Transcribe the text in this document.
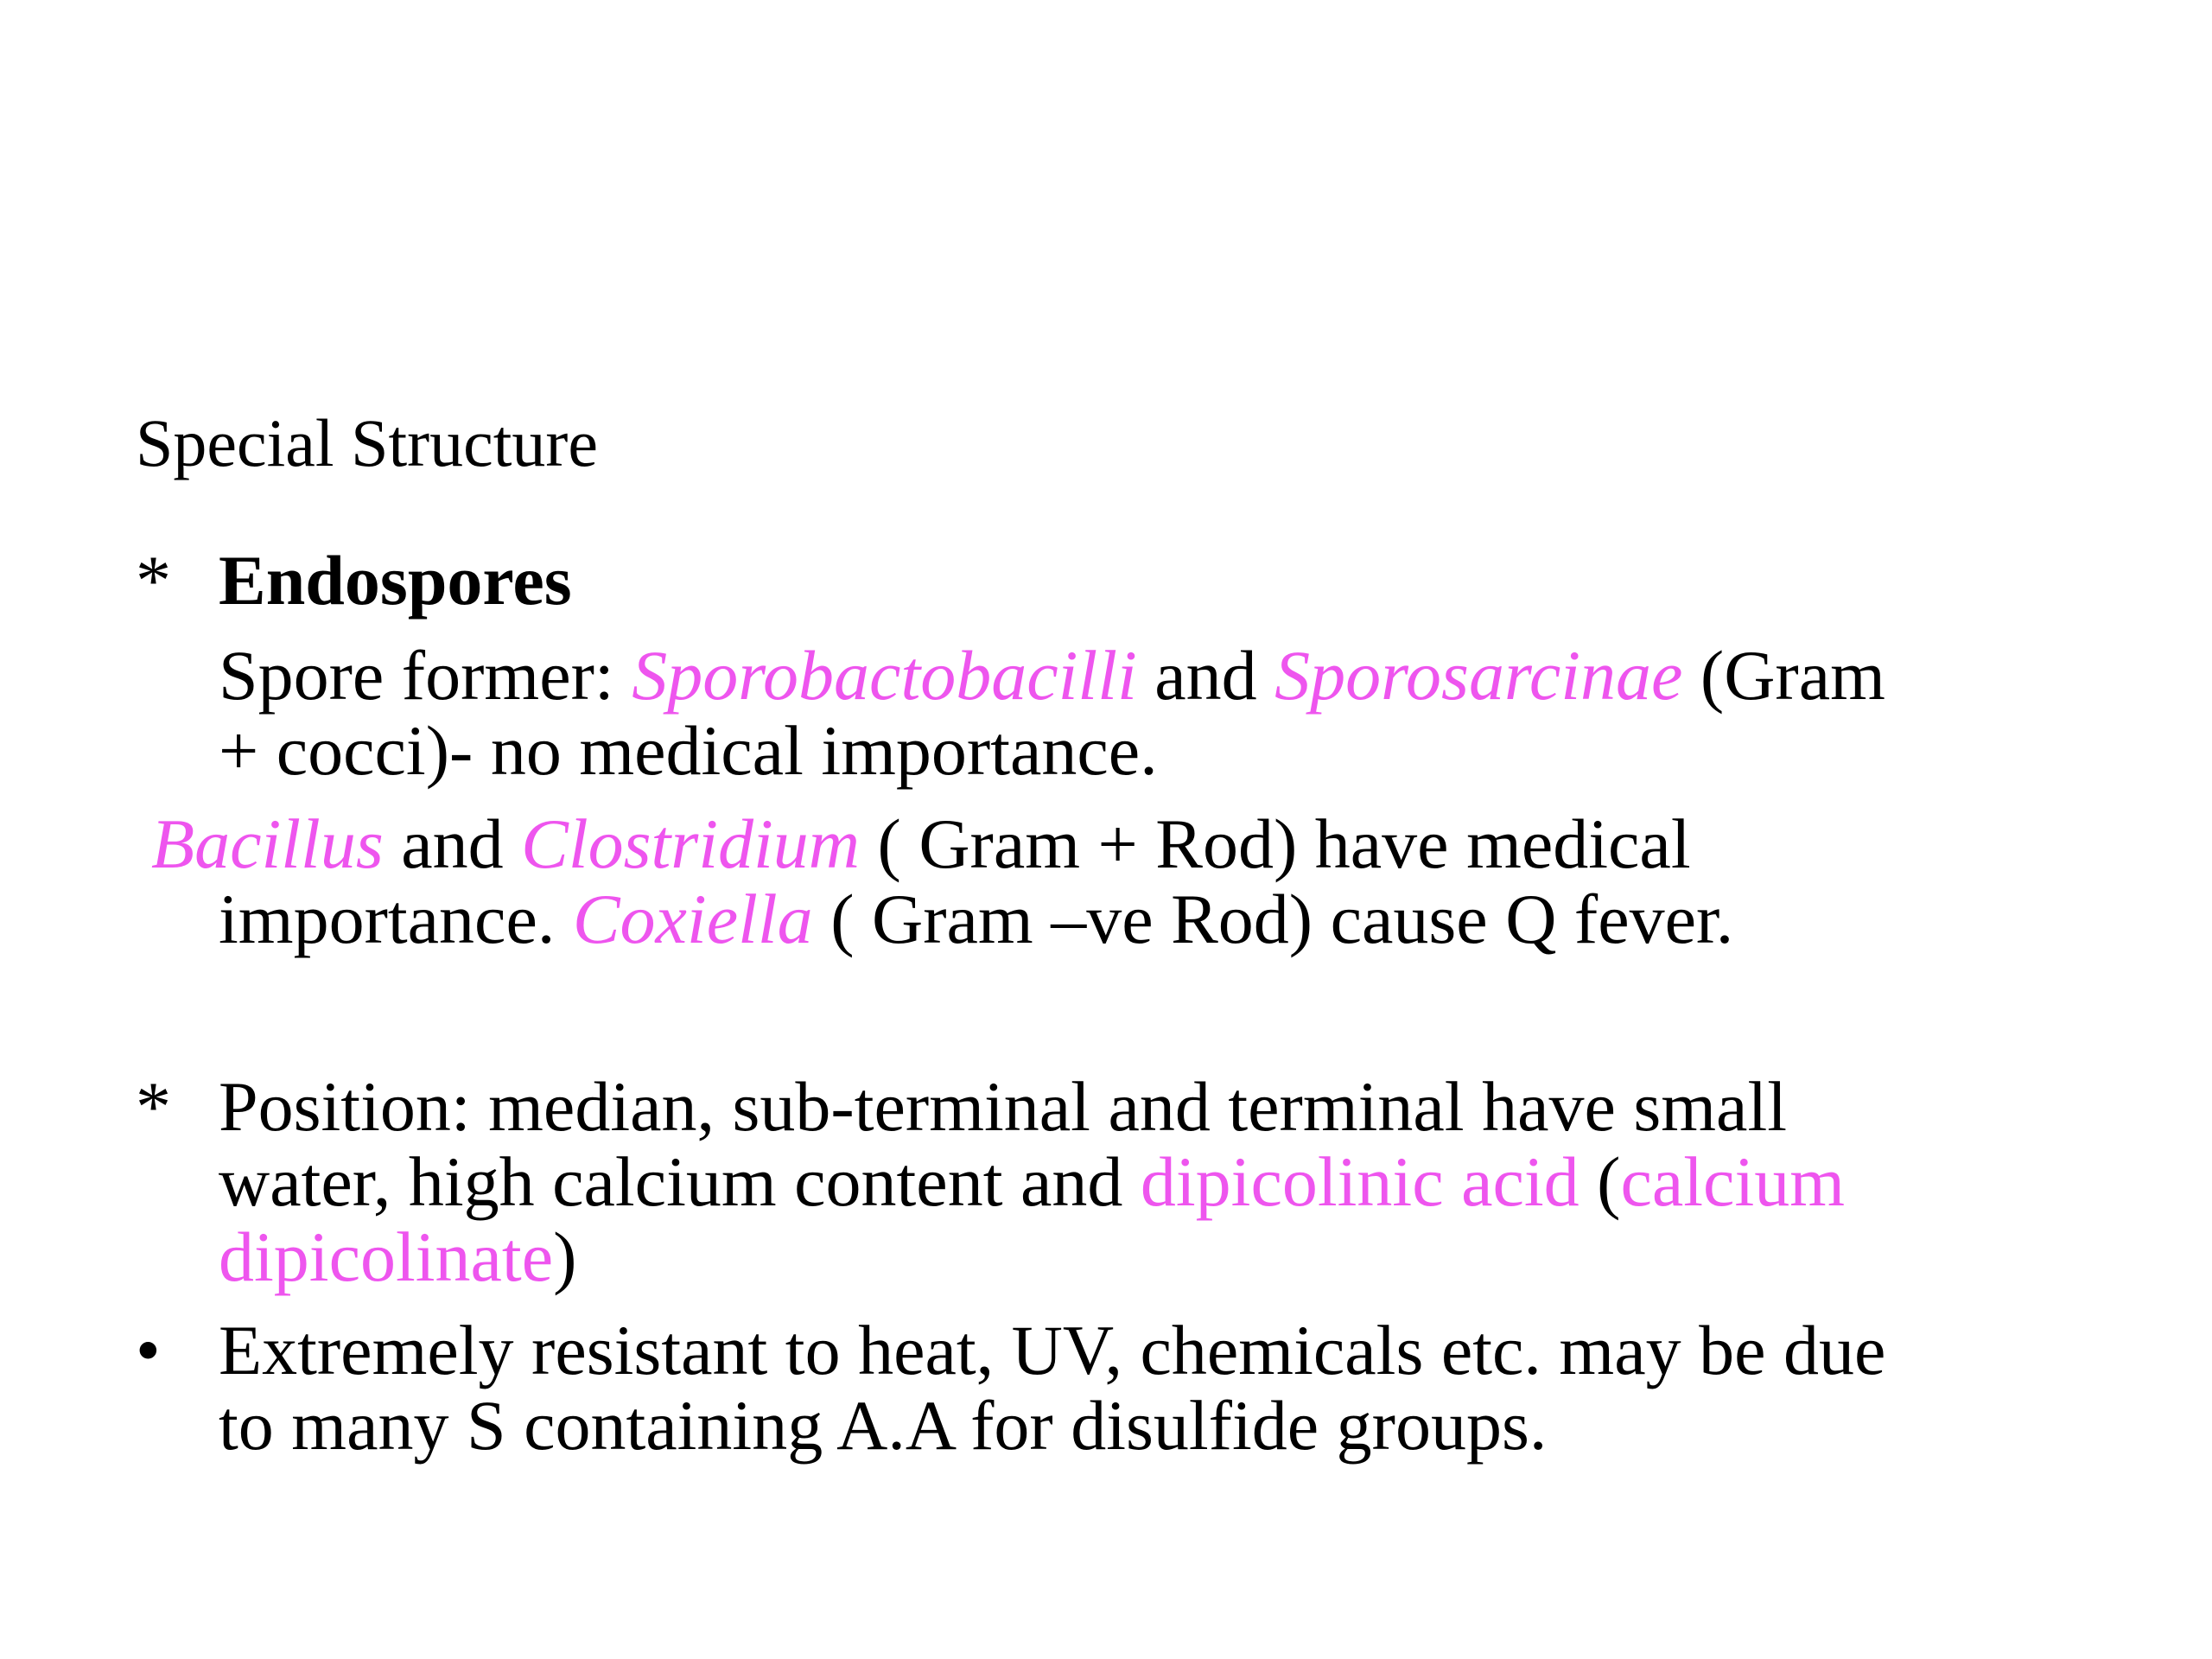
Special Structure
* Endospores
Spore former: Sporobactobacilli and Sporosarcinae (Gram
+ cocci)- no medical importance.
Bacillus and Clostridium ( Gram + Rod) have medical
importance. Coxiella ( Gram –ve Rod) cause Q fever.
* Position: median, sub-terminal and terminal have small
water, high calcium content and dipicolinic acid (calcium
dipicolinate)
• Extremely resistant to heat, UV, chemicals etc. may be due
to many S containing A.A for disulfide groups.
